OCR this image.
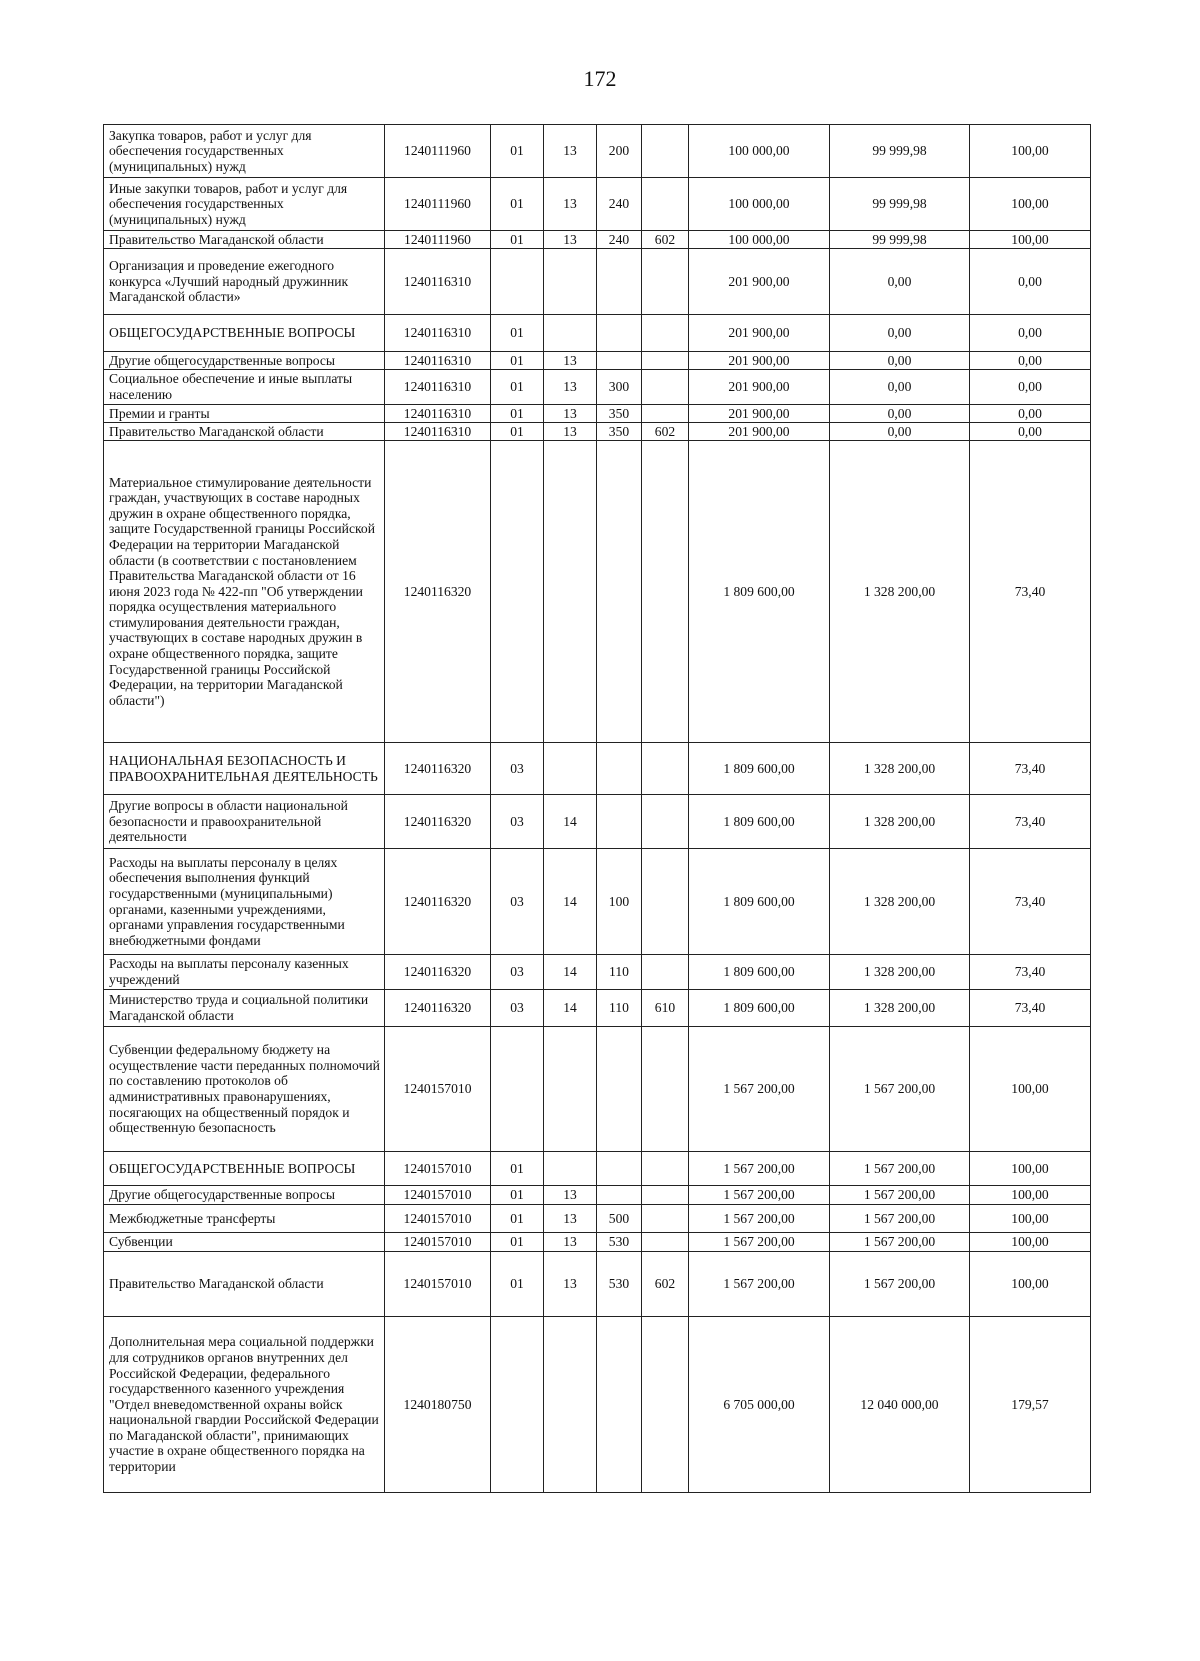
172
Закупка товаров, работ и услуг для обеспечения государственных (муниципальных) нужд	1240111960	01	13	200		100 000,00	99 999,98	100,00
Иные закупки товаров, работ и услуг для обеспечения государственных (муниципальных) нужд	1240111960	01	13	240		100 000,00	99 999,98	100,00
Правительство Магаданской области	1240111960	01	13	240	602	100 000,00	99 999,98	100,00
Организация и проведение ежегодного конкурса «Лучший народный дружинник Магаданской области»	1240116310					201 900,00	0,00	0,00
ОБЩЕГОСУДАРСТВЕННЫЕ ВОПРОСЫ	1240116310	01				201 900,00	0,00	0,00
Другие общегосударственные вопросы	1240116310	01	13			201 900,00	0,00	0,00
Социальное обеспечение и иные выплаты населению	1240116310	01	13	300		201 900,00	0,00	0,00
Премии и гранты	1240116310	01	13	350		201 900,00	0,00	0,00
Правительство Магаданской области	1240116310	01	13	350	602	201 900,00	0,00	0,00
Материальное стимулирование деятельности граждан, участвующих в составе народных дружин в охране общественного порядка, защите Государственной границы Российской Федерации на территории Магаданской области (в соответствии с постановлением Правительства Магаданской области от 16 июня 2023 года № 422-пп "Об утверждении порядка осуществления материального стимулирования деятельности граждан, участвующих в составе народных дружин в охране общественного порядка, защите Государственной границы Российской Федерации, на территории Магаданской области")	1240116320					1 809 600,00	1 328 200,00	73,40
НАЦИОНАЛЬНАЯ БЕЗОПАСНОСТЬ И ПРАВООХРАНИТЕЛЬНАЯ ДЕЯТЕЛЬНОСТЬ	1240116320	03				1 809 600,00	1 328 200,00	73,40
Другие вопросы в области национальной безопасности и правоохранительной деятельности	1240116320	03	14			1 809 600,00	1 328 200,00	73,40
Расходы на выплаты персоналу в целях обеспечения выполнения функций государственными (муниципальными) органами, казенными учреждениями, органами управления государственными внебюджетными фондами	1240116320	03	14	100		1 809 600,00	1 328 200,00	73,40
Расходы на выплаты персоналу казенных учреждений	1240116320	03	14	110		1 809 600,00	1 328 200,00	73,40
Министерство труда и социальной политики Магаданской области	1240116320	03	14	110	610	1 809 600,00	1 328 200,00	73,40
Субвенции федеральному бюджету на осуществление части переданных полномочий по составлению протоколов об административных правонарушениях, посягающих на общественный порядок и общественную безопасность	1240157010					1 567 200,00	1 567 200,00	100,00
ОБЩЕГОСУДАРСТВЕННЫЕ ВОПРОСЫ	1240157010	01				1 567 200,00	1 567 200,00	100,00
Другие общегосударственные вопросы	1240157010	01	13			1 567 200,00	1 567 200,00	100,00
Межбюджетные трансферты	1240157010	01	13	500		1 567 200,00	1 567 200,00	100,00
Субвенции	1240157010	01	13	530		1 567 200,00	1 567 200,00	100,00
Правительство Магаданской области	1240157010	01	13	530	602	1 567 200,00	1 567 200,00	100,00
Дополнительная мера социальной поддержки для сотрудников органов внутренних дел Российской Федерации, федерального государственного казенного учреждения "Отдел вневедомственной охраны войск национальной гвардии Российской Федерации по Магаданской области", принимающих участие в охране общественного порядка на территории	1240180750					6 705 000,00	12 040 000,00	179,57
